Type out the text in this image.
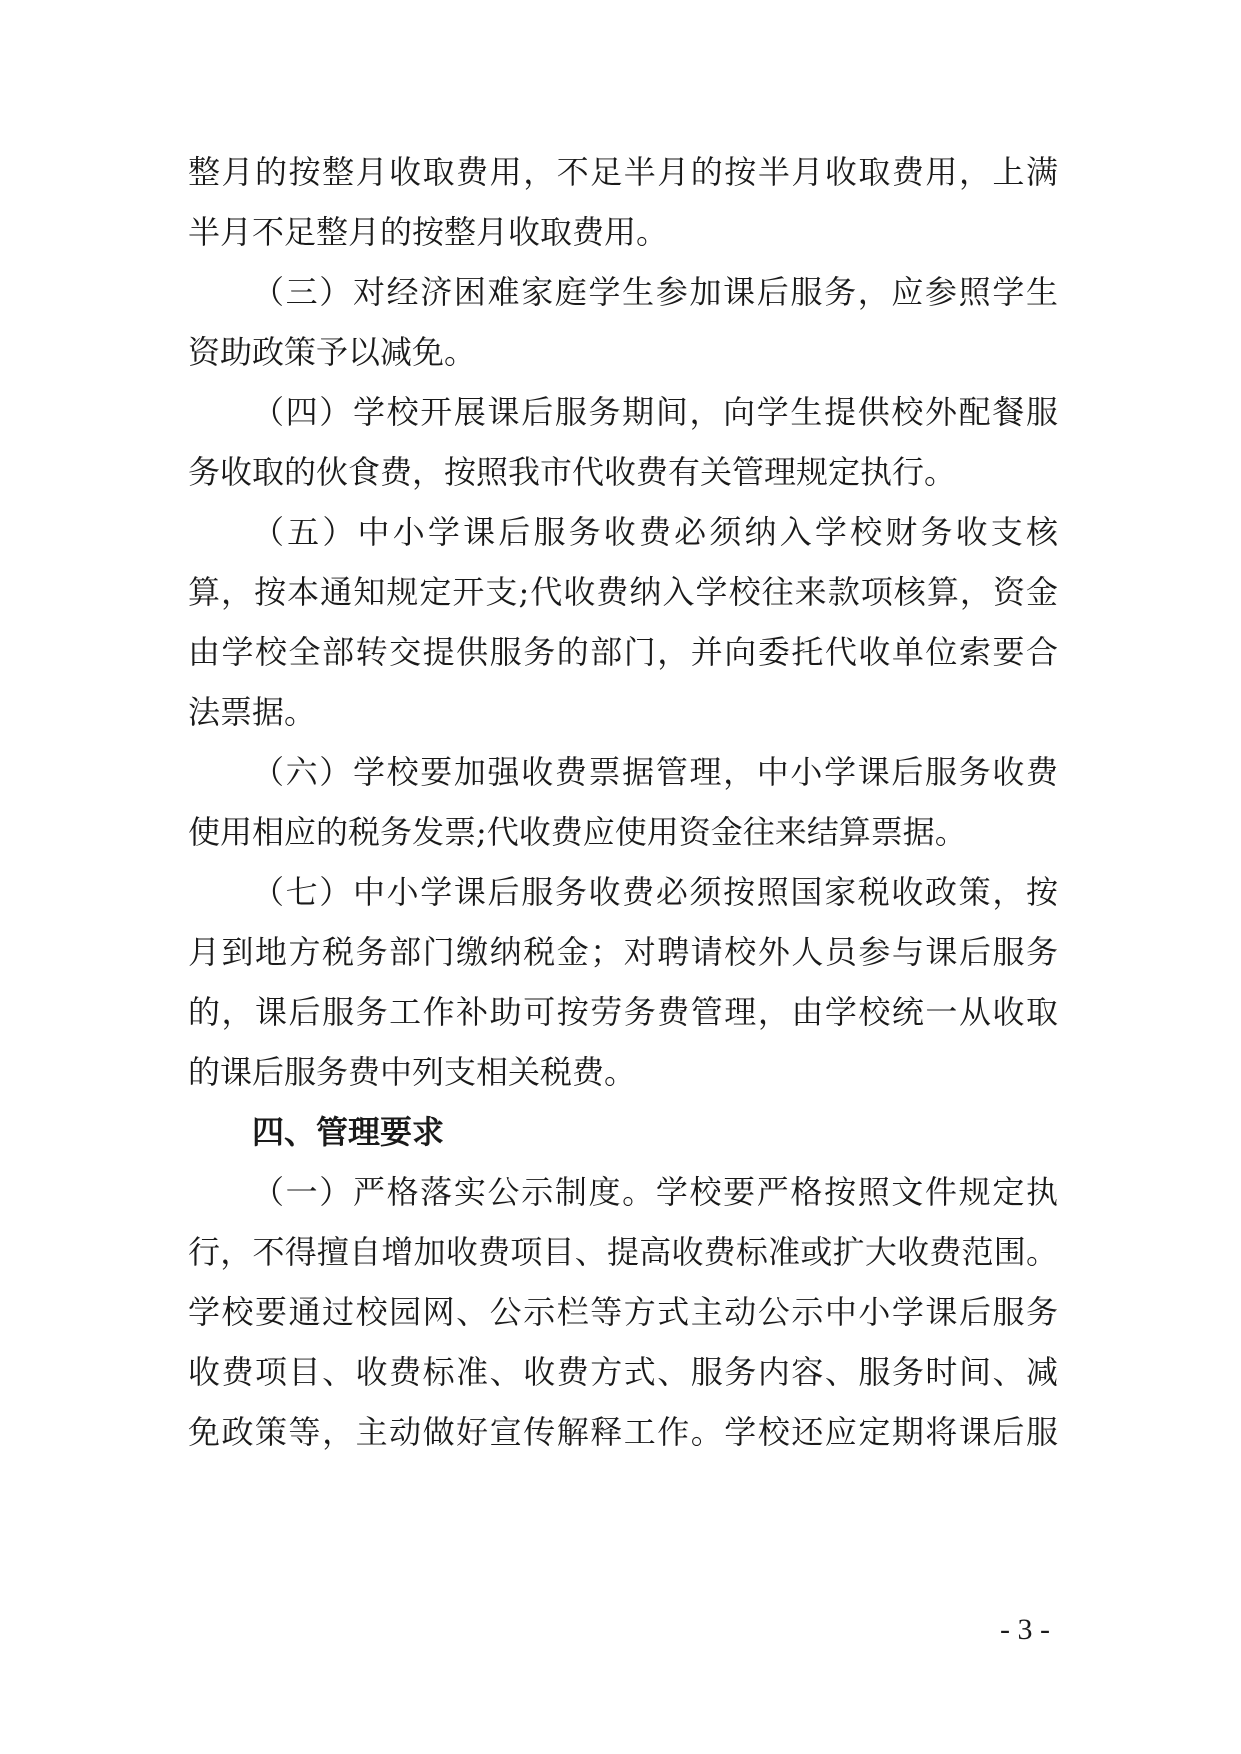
整月的按整月收取费用，不足半月的按半月收取费用，上满
半月不足整月的按整月收取费用。
（三）对经济困难家庭学生参加课后服务，应参照学生
资助政策予以减免。
（四）学校开展课后服务期间，向学生提供校外配餐服
务收取的伙食费，按照我市代收费有关管理规定执行。
（五）中小学课后服务收费必须纳入学校财务收支核
算，按本通知规定开支;代收费纳入学校往来款项核算，资金
由学校全部转交提供服务的部门，并向委托代收单位索要合
法票据。
（六）学校要加强收费票据管理，中小学课后服务收费
使用相应的税务发票;代收费应使用资金往来结算票据。
（七）中小学课后服务收费必须按照国家税收政策，按
月到地方税务部门缴纳税金；对聘请校外人员参与课后服务
的，课后服务工作补助可按劳务费管理，由学校统一从收取
的课后服务费中列支相关税费。
四、管理要求
（一）严格落实公示制度。学校要严格按照文件规定执
行，不得擅自增加收费项目、提高收费标准或扩大收费范围。
学校要通过校园网、公示栏等方式主动公示中小学课后服务
收费项目、收费标准、收费方式、服务内容、服务时间、减
免政策等，主动做好宣传解释工作。学校还应定期将课后服
- 3 -
